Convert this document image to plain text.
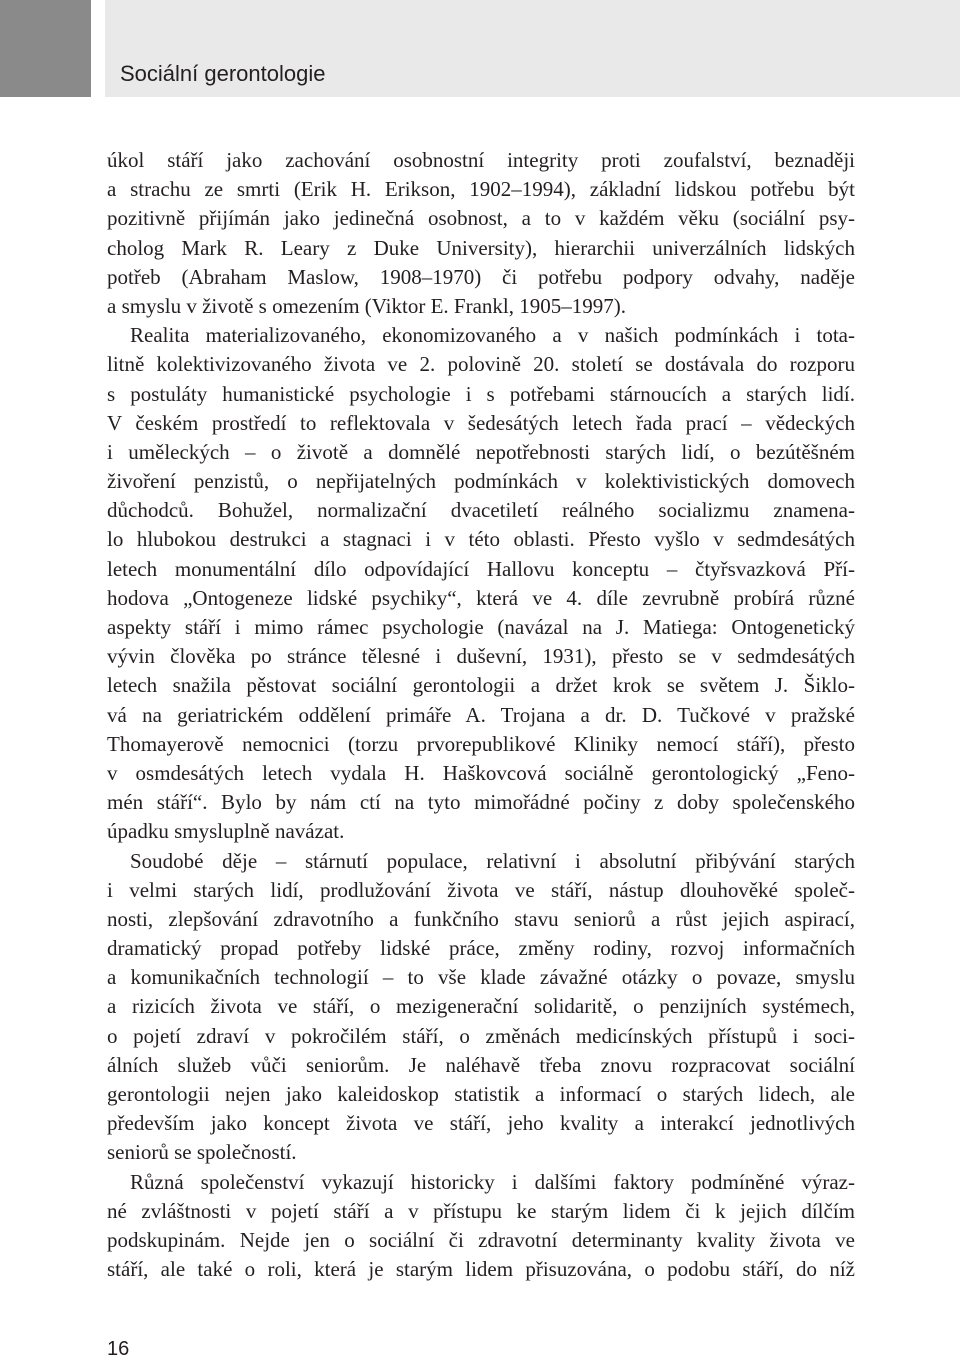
Sociální gerontologie
úkol stáří jako zachování osobnostní integrity proti zoufalství, beznaději
a strachu ze smrti (Erik H. Erikson, 1902–1994), základní lidskou potřebu být
pozitivně přijímán jako jedinečná osobnost, a to v každém věku (sociální psy-
cholog Mark R. Leary z Duke University), hierarchii univerzálních lidských
potřeb (Abraham Maslow, 1908–1970) či potřebu podpory odvahy, naděje
a smyslu v životě s omezením (Viktor E. Frankl, 1905–1997).
Realita materializovaného, ekonomizovaného a v našich podmínkách i tota-
litně kolektivizovaného života ve 2. polovině 20. století se dostávala do rozporu
s postuláty humanistické psychologie i s potřebami stárnoucích a starých lidí.
V českém prostředí to reflektovala v šedesátých letech řada prací – vědeckých
i uměleckých – o životě a domnělé nepotřebnosti starých lidí, o bezútěšném
živoření penzistů, o nepřijatelných podmínkách v kolektivistických domovech
důchodců. Bohužel, normalizační dvacetiletí reálného socializmu znamena-
lo hlubokou destrukci a stagnaci i v této oblasti. Přesto vyšlo v sedmdesátých
letech monumentální dílo odpovídající Hallovu konceptu – čtyřsvazková Pří-
hodova „Ontogeneze lidské psychiky“, která ve 4. díle zevrubně probírá různé
aspekty stáří i mimo rámec psychologie (navázal na J. Matiega: Ontogenetický
vývin člověka po stránce tělesné i duševní, 1931), přesto se v sedmdesátých
letech snažila pěstovat sociální gerontologii a držet krok se světem J. Šiklo-
vá na geriatrickém oddělení primáře A. Trojana a dr. D. Tučkové v pražské
Thomayerově nemocnici (torzu prvorepublikové Kliniky nemocí stáří), přesto
v osmdesátých letech vydala H. Haškovcová sociálně gerontologický „Feno-
mén stáří“. Bylo by nám ctí na tyto mimořádné počiny z doby společenského
úpadku smysluplně navázat.
Soudobé děje – stárnutí populace, relativní i absolutní přibývání starých
i velmi starých lidí, prodlužování života ve stáří, nástup dlouhověké společ-
nosti, zlepšování zdravotního a funkčního stavu seniorů a růst jejich aspirací,
dramatický propad potřeby lidské práce, změny rodiny, rozvoj informačních
a komunikačních technologií – to vše klade závažné otázky o povaze, smyslu
a rizicích života ve stáří, o mezigenerační solidaritě, o penzijních systémech,
o pojetí zdraví v pokročilém stáří, o změnách medicínských přístupů i soci-
álních služeb vůči seniorům. Je naléhavě třeba znovu rozpracovat sociální
gerontologii nejen jako kaleidoskop statistik a informací o starých lidech, ale
především jako koncept života ve stáří, jeho kvality a interakcí jednotlivých
seniorů se společností.
Různá společenství vykazují historicky i dalšími faktory podmíněné výraz-
né zvláštnosti v pojetí stáří a v přístupu ke starým lidem či k jejich dílčím
podskupinám. Nejde jen o sociální či zdravotní determinanty kvality života ve
stáří, ale také o roli, která je starým lidem přisuzována, o podobu stáří, do níž
16
